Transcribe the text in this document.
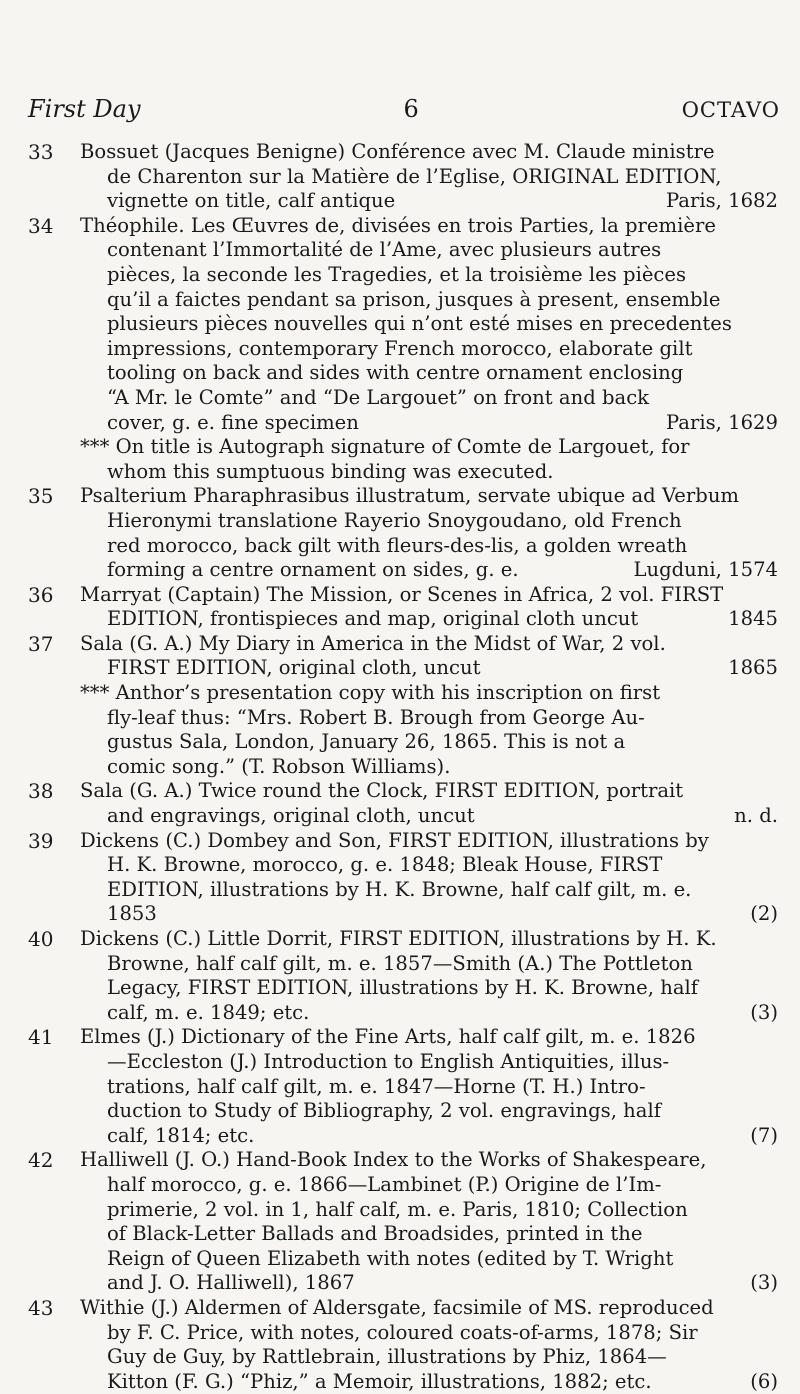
First Day	6	OCTAVO
33 Bossuet (Jacques Benigne) Conférence avec M. Claude ministre
de Charenton sur la Matière de l’Eglise, ORIGINAL EDITION,
vignette on title, calf antique	Paris, 1682
34 Théophile. Les Œuvres de, divisées en trois Parties, la première
contenant l’Immortalité de l’Ame, avec plusieurs autres
pièces, la seconde les Tragedies, et la troisième les pièces
qu’il a faictes pendant sa prison, jusques à present, ensemble
plusieurs pièces nouvelles qui n’ont esté mises en precedentes
impressions, contemporary French morocco, elaborate gilt
tooling on back and sides with centre ornament enclosing
“A Mr. le Comte” and “De Largouet” on front and back
cover, g. e. fine specimen	Paris, 1629
*** On title is Autograph signature of Comte de Largouet, for
whom this sumptuous binding was executed.
35 Psalterium Pharaphrasibus illustratum, servate ubique ad Verbum
Hieronymi translatione Rayerio Snoygoudano, old French
red morocco, back gilt with fleurs-des-lis, a golden wreath
forming a centre ornament on sides, g. e.	Lugduni, 1574
36 Marryat (Captain) The Mission, or Scenes in Africa, 2 vol. FIRST
EDITION, frontispieces and map, original cloth uncut	1845
37 Sala (G. A.) My Diary in America in the Midst of War, 2 vol.
FIRST EDITION, original cloth, uncut	1865
*** Anthor’s presentation copy with his inscription on first
fly-leaf thus: “Mrs. Robert B. Brough from George Au-
gustus Sala, London, January 26, 1865. This is not a
comic song.” (T. Robson Williams).
38 Sala (G. A.) Twice round the Clock, FIRST EDITION, portrait
and engravings, original cloth, uncut	n. d.
39 Dickens (C.) Dombey and Son, FIRST EDITION, illustrations by
H. K. Browne, morocco, g. e. 1848; Bleak House, FIRST
EDITION, illustrations by H. K. Browne, half calf gilt, m. e.
1853	(2)
40 Dickens (C.) Little Dorrit, FIRST EDITION, illustrations by H. K.
Browne, half calf gilt, m. e. 1857—Smith (A.) The Pottleton
Legacy, FIRST EDITION, illustrations by H. K. Browne, half
calf, m. e. 1849; etc.	(3)
41 Elmes (J.) Dictionary of the Fine Arts, half calf gilt, m. e. 1826
—Eccleston (J.) Introduction to English Antiquities, illus-
trations, half calf gilt, m. e. 1847—Horne (T. H.) Intro-
duction to Study of Bibliography, 2 vol. engravings, half
calf, 1814; etc.	(7)
42 Halliwell (J. O.) Hand-Book Index to the Works of Shakespeare,
half morocco, g. e. 1866—Lambinet (P.) Origine de l’Im-
primerie, 2 vol. in 1, half calf, m. e. Paris, 1810; Collection
of Black-Letter Ballads and Broadsides, printed in the
Reign of Queen Elizabeth with notes (edited by T. Wright
and J. O. Halliwell), 1867	(3)
43 Withie (J.) Aldermen of Aldersgate, facsimile of MS. reproduced
by F. C. Price, with notes, coloured coats-of-arms, 1878; Sir
Guy de Guy, by Rattlebrain, illustrations by Phiz, 1864—
Kitton (F. G.) “Phiz,” a Memoir, illustrations, 1882; etc.	(6)
